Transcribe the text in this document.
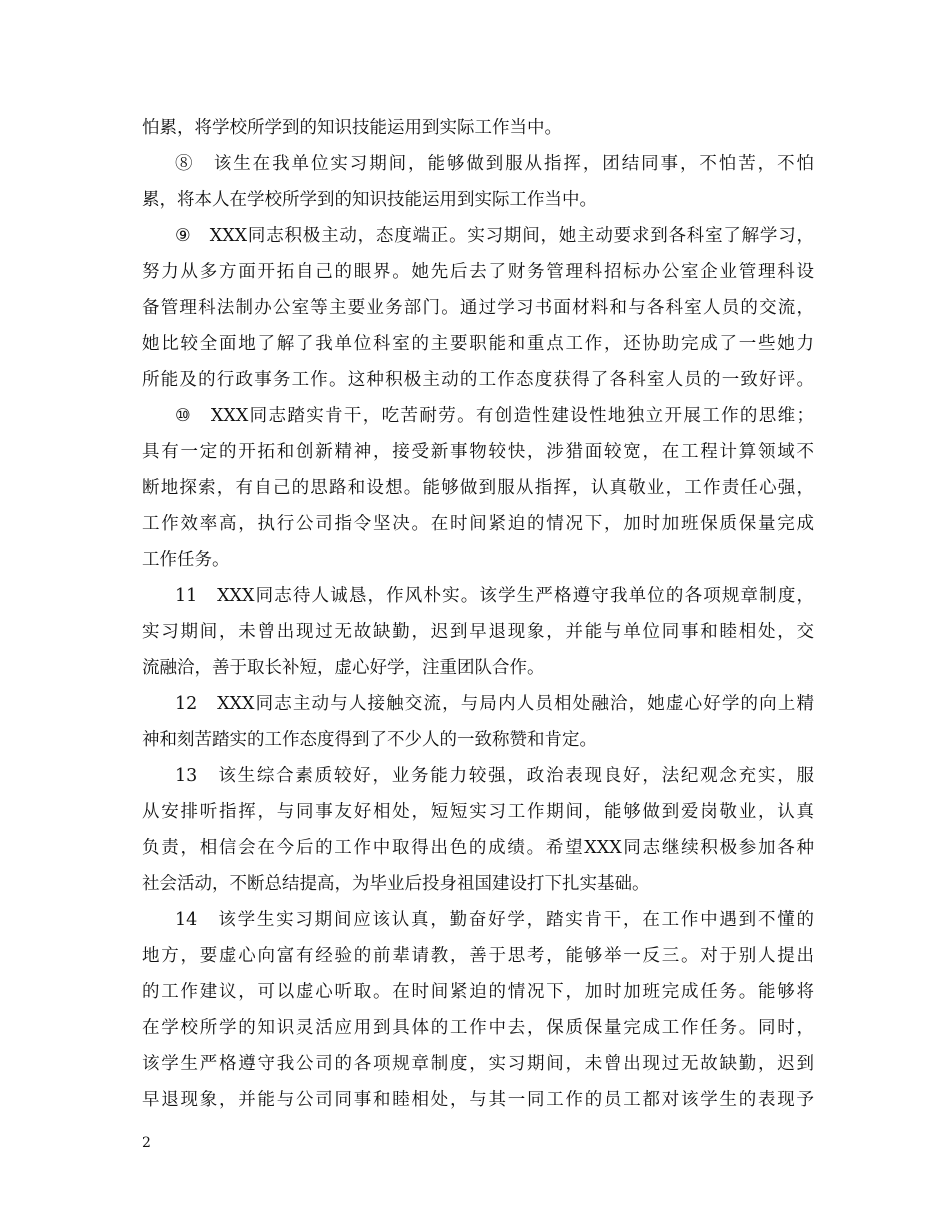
怕累，将学校所学到的知识技能运用到实际工作当中。
⑧　该生在我单位实习期间，能够做到服从指挥，团结同事，不怕苦，不怕
累，将本人在学校所学到的知识技能运用到实际工作当中。
⑨　XXX同志积极主动，态度端正。实习期间，她主动要求到各科室了解学习，
努力从多方面开拓自己的眼界。她先后去了财务管理科招标办公室企业管理科设
备管理科法制办公室等主要业务部门。通过学习书面材料和与各科室人员的交流，
她比较全面地了解了我单位科室的主要职能和重点工作，还协助完成了一些她力
所能及的行政事务工作。这种积极主动的工作态度获得了各科室人员的一致好评。
⑩　XXX同志踏实肯干，吃苦耐劳。有创造性建设性地独立开展工作的思维；
具有一定的开拓和创新精神，接受新事物较快，涉猎面较宽，在工程计算领域不
断地探索，有自己的思路和设想。能够做到服从指挥，认真敬业，工作责任心强，
工作效率高，执行公司指令坚决。在时间紧迫的情况下，加时加班保质保量完成
工作任务。
11　XXX同志待人诚恳，作风朴实。该学生严格遵守我单位的各项规章制度，
实习期间，未曾出现过无故缺勤，迟到早退现象，并能与单位同事和睦相处，交
流融洽，善于取长补短，虚心好学，注重团队合作。
12　XXX同志主动与人接触交流，与局内人员相处融洽，她虚心好学的向上精
神和刻苦踏实的工作态度得到了不少人的一致称赞和肯定。
13　该生综合素质较好，业务能力较强，政治表现良好，法纪观念充实，服
从安排听指挥，与同事友好相处，短短实习工作期间，能够做到爱岗敬业，认真
负责，相信会在今后的工作中取得出色的成绩。希望XXX同志继续积极参加各种
社会活动，不断总结提高，为毕业后投身祖国建设打下扎实基础。
14　该学生实习期间应该认真，勤奋好学，踏实肯干，在工作中遇到不懂的
地方，要虚心向富有经验的前辈请教，善于思考，能够举一反三。对于别人提出
的工作建议，可以虚心听取。在时间紧迫的情况下，加时加班完成任务。能够将
在学校所学的知识灵活应用到具体的工作中去，保质保量完成工作任务。同时，
该学生严格遵守我公司的各项规章制度，实习期间，未曾出现过无故缺勤，迟到
早退现象，并能与公司同事和睦相处，与其一同工作的员工都对该学生的表现予
2
